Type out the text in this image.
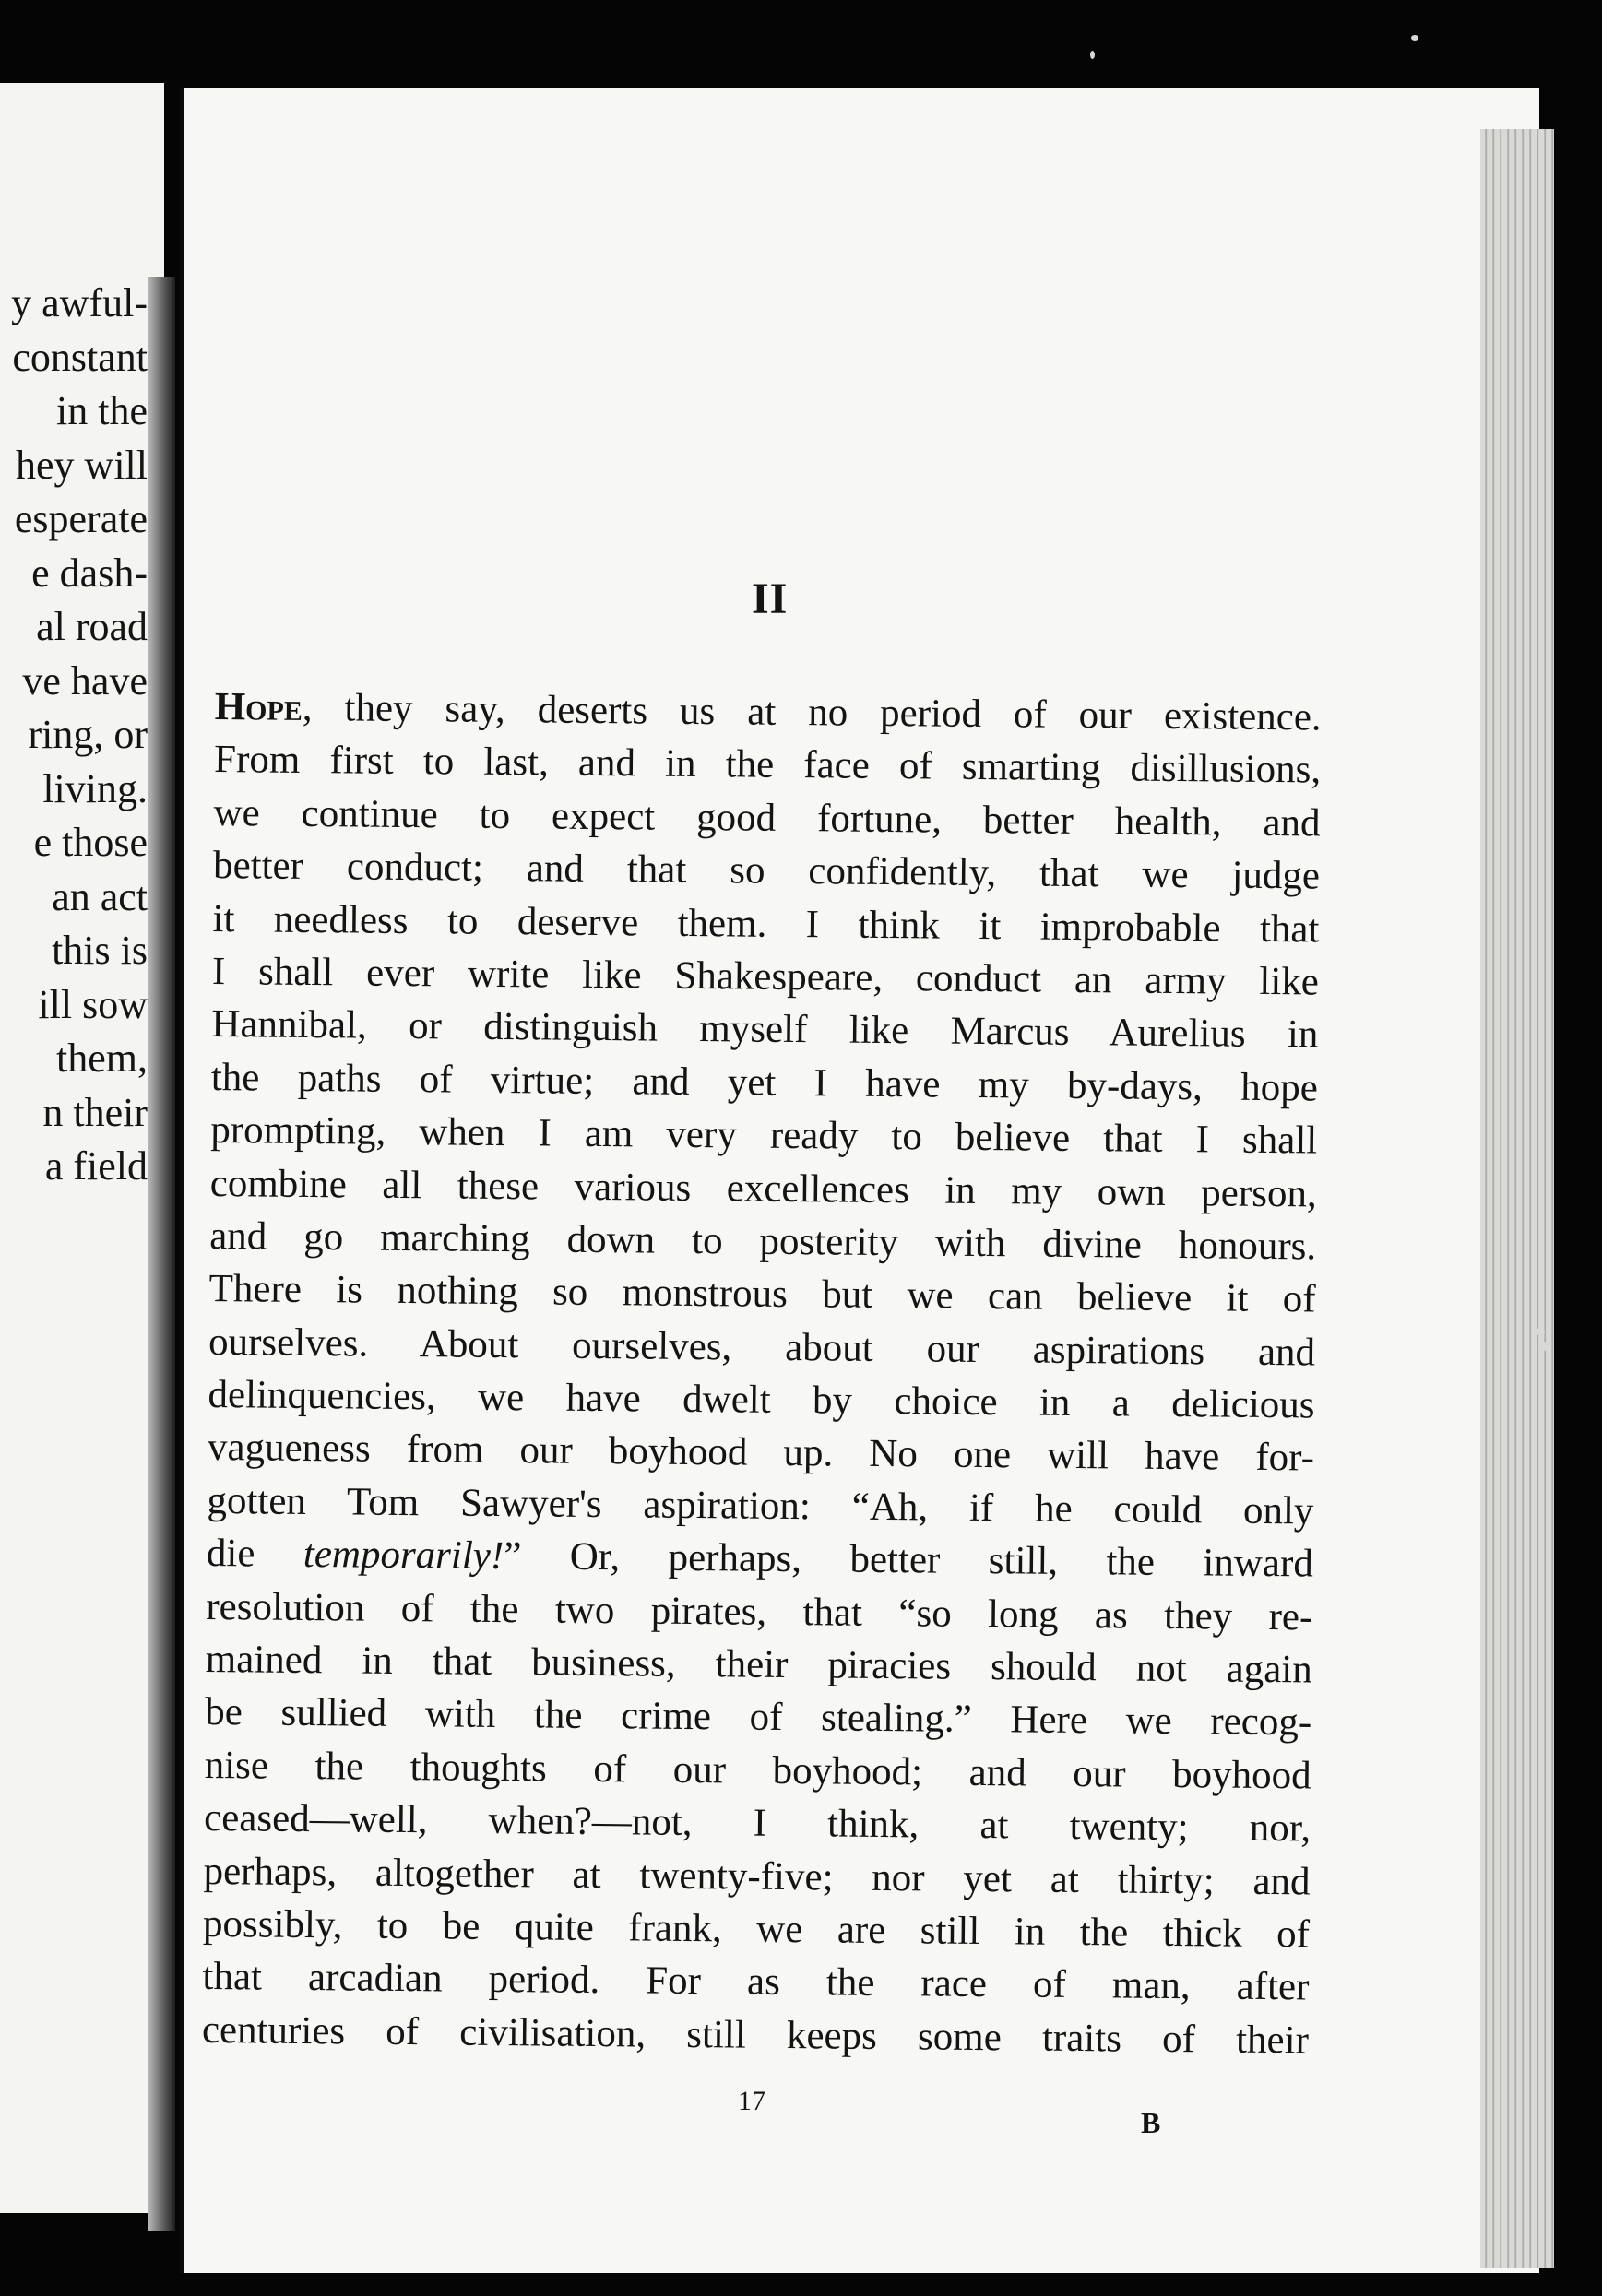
y awful-
constant
in the
hey will
esperate
e dash-
al road
ve have
ring, or
living.
e those
an act
this is
ill sow
them,
n their
a field
II
Hope, they say, deserts us at no period of our existence.
From first to last, and in the face of smarting disillusions,
we continue to expect good fortune, better health, and
better conduct; and that so confidently, that we judge
it needless to deserve them. I think it improbable that
I shall ever write like Shakespeare, conduct an army like
Hannibal, or distinguish myself like Marcus Aurelius in
the paths of virtue; and yet I have my by-days, hope
prompting, when I am very ready to believe that I shall
combine all these various excellences in my own person,
and go marching down to posterity with divine honours.
There is nothing so monstrous but we can believe it of
ourselves. About ourselves, about our aspirations and
delinquencies, we have dwelt by choice in a delicious
vagueness from our boyhood up. No one will have for-
gotten Tom Sawyer's aspiration: “Ah, if he could only
die temporarily!” Or, perhaps, better still, the inward
resolution of the two pirates, that “so long as they re-
mained in that business, their piracies should not again
be sullied with the crime of stealing.” Here we recog-
nise the thoughts of our boyhood; and our boyhood
ceased—well, when?—not, I think, at twenty; nor,
perhaps, altogether at twenty-five; nor yet at thirty; and
possibly, to be quite frank, we are still in the thick of
that arcadian period. For as the race of man, after
centuries of civilisation, still keeps some traits of their
17
B
